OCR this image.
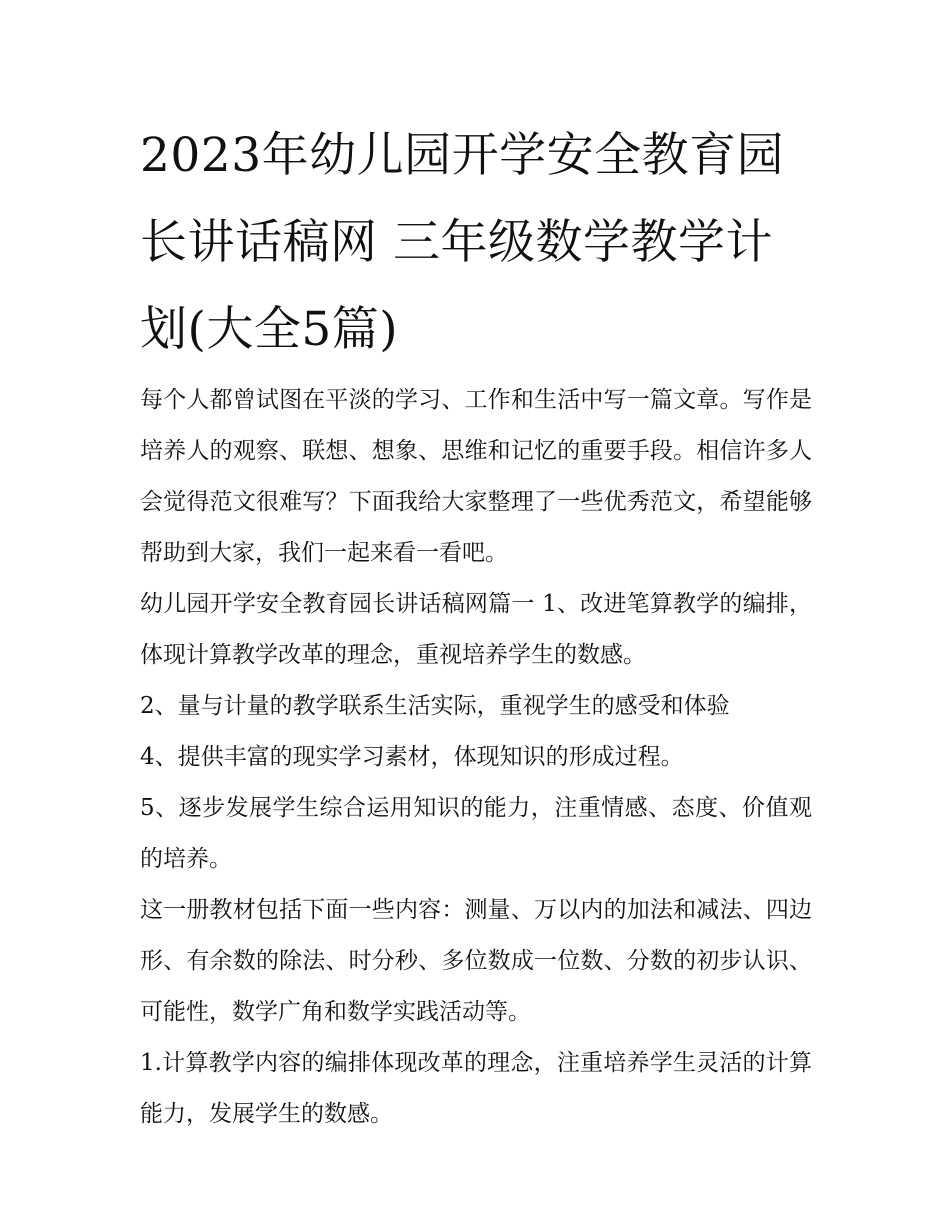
2023年幼儿园开学安全教育园长讲话稿网 三年级数学教学计划(大全5篇)

每个人都曾试图在平淡的学习、工作和生活中写一篇文章。写作是培养人的观察、联想、想象、思维和记忆的重要手段。相信许多人会觉得范文很难写？下面我给大家整理了一些优秀范文，希望能够帮助到大家，我们一起来看一看吧。

幼儿园开学安全教育园长讲话稿网篇一 1、改进笔算教学的编排，体现计算教学改革的理念，重视培养学生的数感。

2、量与计量的教学联系生活实际，重视学生的感受和体验

4、提供丰富的现实学习素材，体现知识的形成过程。

5、逐步发展学生综合运用知识的能力，注重情感、态度、价值观的培养。

这一册教材包括下面一些内容：测量、万以内的加法和减法、四边形、有余数的除法、时分秒、多位数成一位数、分数的初步认识、可能性，数学广角和数学实践活动等。

1.计算教学内容的编排体现改革的理念，注重培养学生灵活的计算能力，发展学生的数感。
